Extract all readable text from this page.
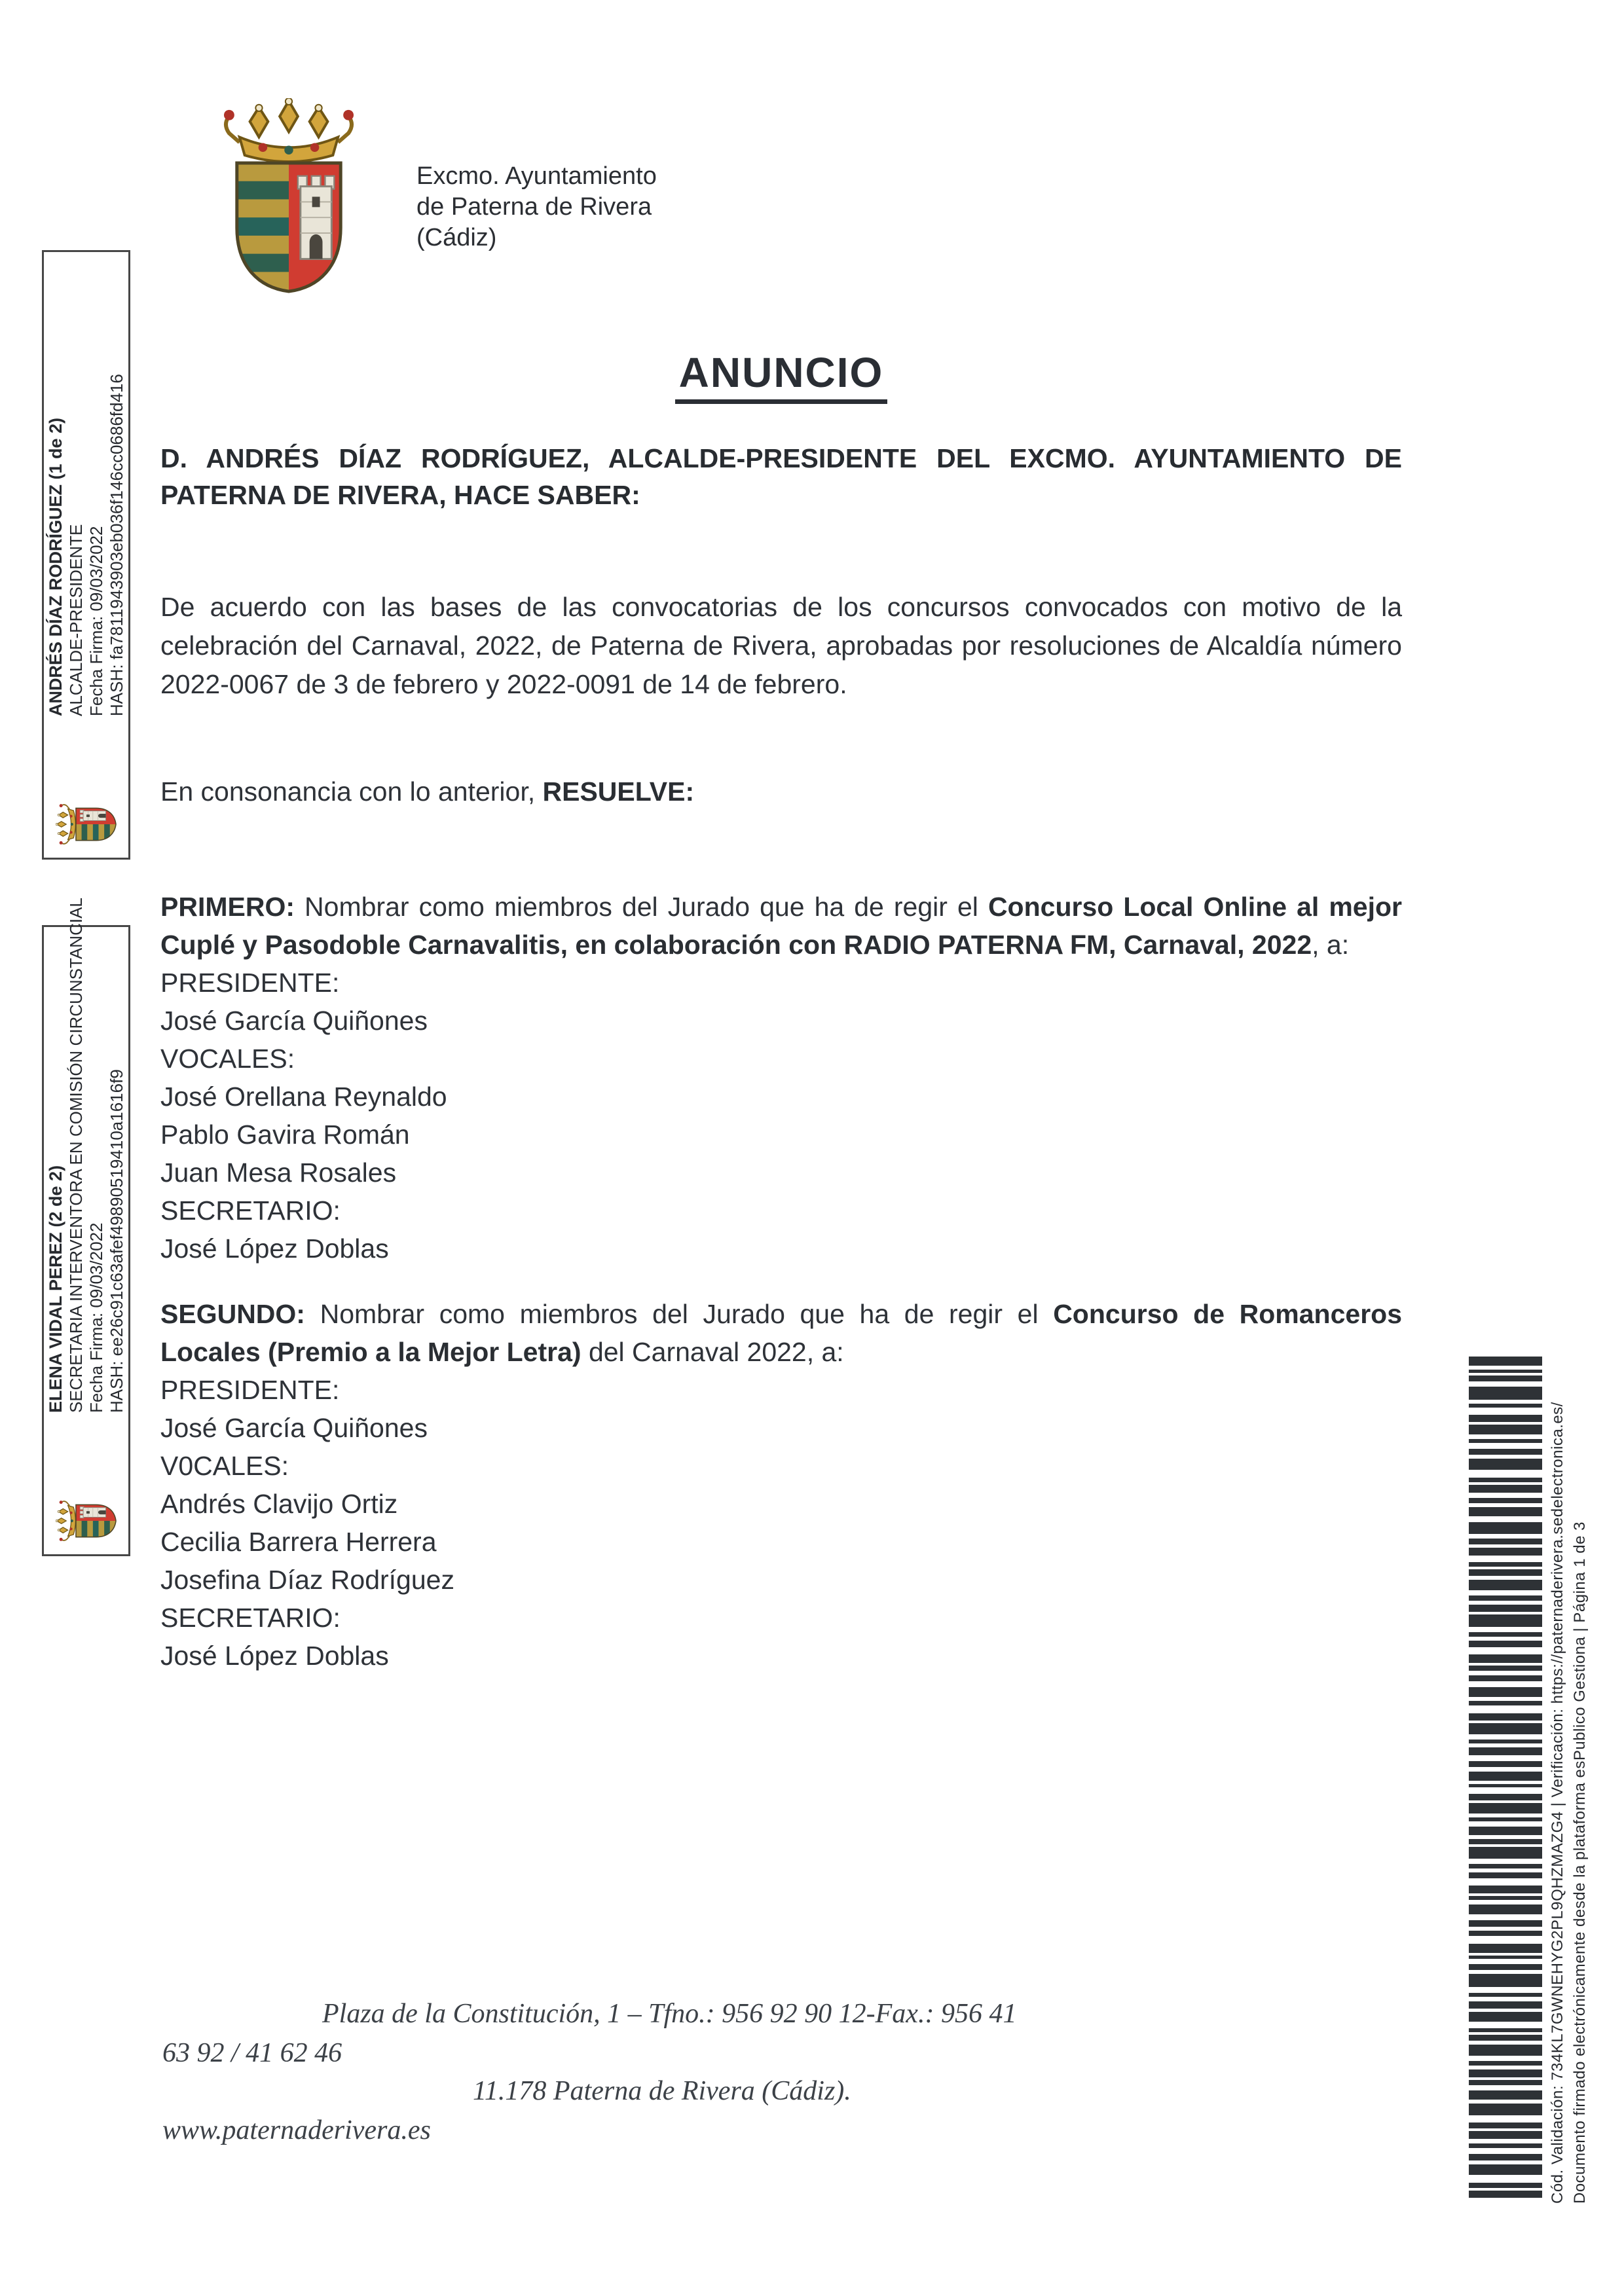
Excmo. Ayuntamiento
de Paterna de Rivera
(Cádiz)
ANUNCIO

D. ANDRÉS DÍAZ RODRÍGUEZ, ALCALDE-PRESIDENTE DEL EXCMO. AYUNTAMIENTO DE PATERNA DE RIVERA, HACE SABER:

De acuerdo con las bases de las convocatorias de los concursos convocados con motivo de la celebración del Carnaval, 2022, de Paterna de Rivera, aprobadas por resoluciones de Alcaldía número 2022-0067 de 3 de febrero y 2022-0091 de 14 de febrero.

En consonancia con lo anterior, RESUELVE:

PRIMERO: Nombrar como miembros del Jurado que ha de regir el Concurso Local Online al mejor Cuplé y Pasodoble Carnavalitis, en colaboración con RADIO PATERNA FM, Carnaval, 2022, a:

PRESIDENTE:
José García Quiñones
VOCALES:
José Orellana Reynaldo
Pablo Gavira Román
Juan Mesa Rosales
SECRETARIO:
José López Doblas

SEGUNDO: Nombrar como miembros del Jurado que ha de regir el Concurso de Romanceros Locales (Premio a la Mejor Letra) del Carnaval 2022, a:

PRESIDENTE:
José García Quiñones
V0CALES:
Andrés Clavijo Ortiz
Cecilia Barrera Herrera
Josefina Díaz Rodríguez
SECRETARIO:
José López Doblas
Plaza de la Constitución, 1 – Tfno.: 956 92 90 12-Fax.: 956 41
63 92 / 41 62 46
11.178 Paterna de Rivera (Cádiz).
www.paternaderivera.es
ANDRÉS DÍAZ RODRÍGUEZ (1 de 2) ALCALDE-PRESIDENTE Fecha Firma: 09/03/2022 HASH: fa7811943903eb036f146cc0686fd416
ELENA VIDAL PEREZ (2 de 2) SECRETARIA INTERVENTORA EN COMISIÓN CIRCUNSTANCIAL Fecha Firma: 09/03/2022 HASH: ee26c91c63afef49890519410a1616f9
Cód. Validación: 734KL7GWNEHYG2PL9QHZMAZG4 | Verificación: https://paternaderivera.sedelectronica.es/ Documento firmado electrónicamente desde la plataforma esPublico Gestiona | Página 1 de 3
